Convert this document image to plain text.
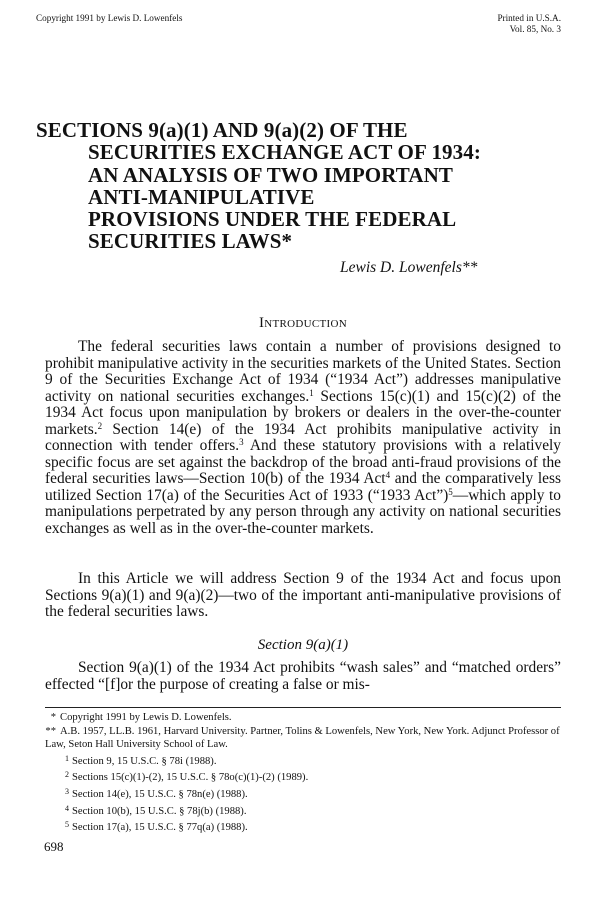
Copyright 1991 by Lewis D. Lowenfels	Printed in U.S.A.
Vol. 85, No. 3
SECTIONS 9(a)(1) AND 9(a)(2) OF THE
SECURITIES EXCHANGE ACT OF 1934:
AN ANALYSIS OF TWO IMPORTANT
ANTI-MANIPULATIVE
PROVISIONS UNDER THE FEDERAL
SECURITIES LAWS*
Lewis D. Lowenfels**
Introduction

The federal securities laws contain a number of provisions designed to prohibit manipulative activity in the securities markets of the United States. Section 9 of the Securities Exchange Act of 1934 (“1934 Act”) addresses manipulative activity on national securities exchanges.$^1$ Sections 15(c)(1) and 15(c)(2) of the 1934 Act focus upon manipulation by brokers or dealers in the over-the-counter markets.$^2$ Section 14(e) of the 1934 Act prohibits manipulative activity in connection with tender offers.$^3$ And these statutory provisions with a relatively specific focus are set against the backdrop of the broad anti-fraud provisions of the federal securities laws—Section 10(b) of the 1934 Act$^4$ and the comparatively less utilized Section 17(a) of the Securities Act of 1933 (“1933 Act”)$^5$—which apply to manipulations perpetrated by any person through any activity on national securities exchanges as well as in the over-the-counter markets.

In this Article we will address Section 9 of the 1934 Act and focus upon Sections 9(a)(1) and 9(a)(2)—two of the important anti-manipulative provisions of the federal securities laws.

Section 9(a)(1)

Section 9(a)(1) of the 1934 Act prohibits “wash sales” and “matched orders” effected “[f]or the purpose of creating a false or mis-

* Copyright 1991 by Lewis D. Lowenfels.

** A.B. 1957, LL.B. 1961, Harvard University. Partner, Tolins & Lowenfels, New York, New York. Adjunct Professor of Law, Seton Hall University School of Law.

$^1$ Section 9, 15 U.S.C. § 78i (1988).

$^2$ Sections 15(c)(1)-(2), 15 U.S.C. § 78o(c)(1)-(2) (1989).

$^3$ Section 14(e), 15 U.S.C. § 78n(e) (1988).

$^4$ Section 10(b), 15 U.S.C. § 78j(b) (1988).

$^5$ Section 17(a), 15 U.S.C. § 77q(a) (1988).

698
